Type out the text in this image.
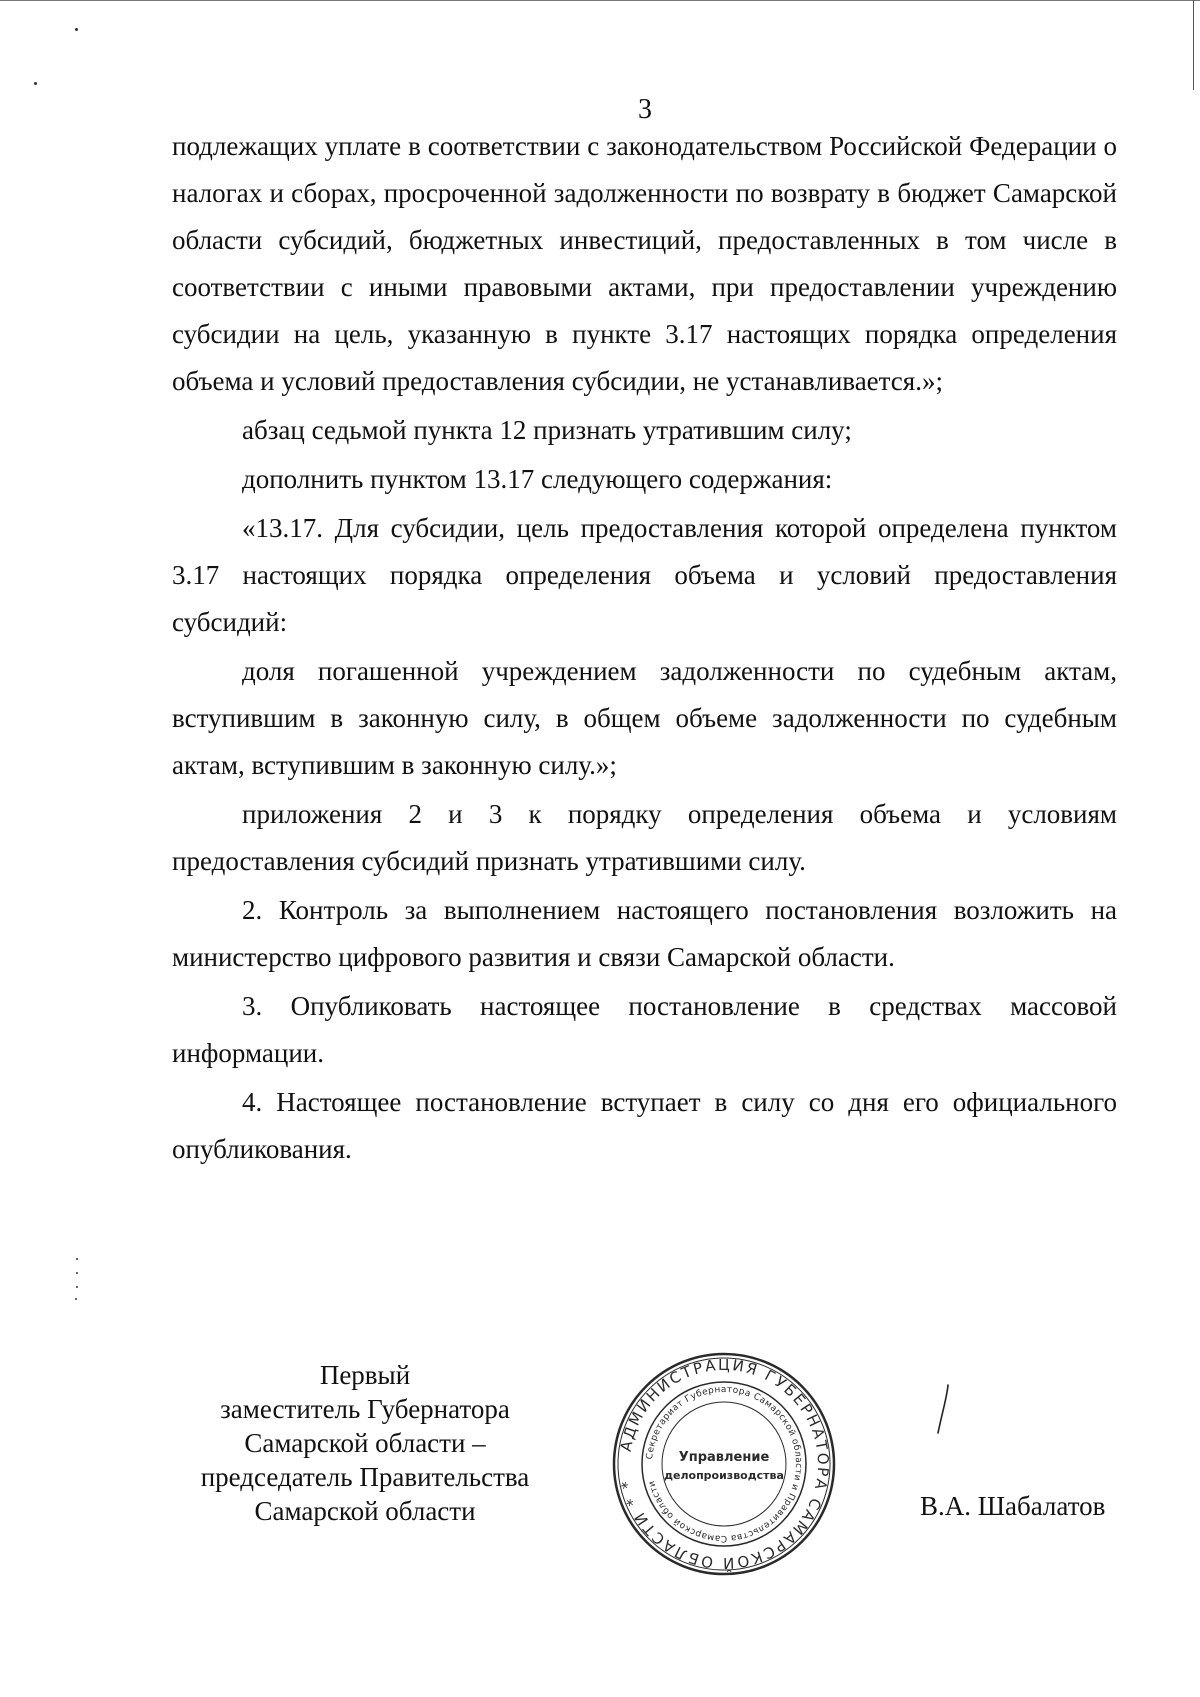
3

подлежащих уплате в соответствии с законодательством Российской Федерации о налогах и сборах, просроченной задолженности по возврату в бюджет Самарской области субсидий, бюджетных инвестиций, предоставленных в том числе в соответствии с иными правовыми актами, при предоставлении учреждению субсидии на цель, указанную в пункте 3.17 настоящих порядка определения объема и условий предоставления субсидии, не устанавливается.»;

абзац седьмой пункта 12 признать утратившим силу;

дополнить пунктом 13.17 следующего содержания:

«13.17. Для субсидии, цель предоставления которой определена пунктом 3.17 настоящих порядка определения объема и условий предоставления субсидий:

доля погашенной учреждением задолженности по судебным актам, вступившим в законную силу, в общем объеме задолженности по судебным актам, вступившим в законную силу.»;

приложения 2 и 3 к порядку определения объема и условиям предоставления субсидий признать утратившими силу.

2. Контроль за выполнением настоящего постановления возложить на министерство цифрового развития и связи Самарской области.

3. Опубликовать настоящее постановление в средствах массовой информации.

4. Настоящее постановление вступает в силу со дня его официального опубликования.

Первый
заместитель Губернатора
Самарской области –
председатель Правительства
Самарской области
АДМИНИСТРАЦИЯ ГУБЕРНАТОРА САМАРСКОЙ ОБЛАСТИ * *
Секретариат Губернатора Самарской области и Правительства Самарской области
Управление
делопроизводства
В.А. Шабалатов
